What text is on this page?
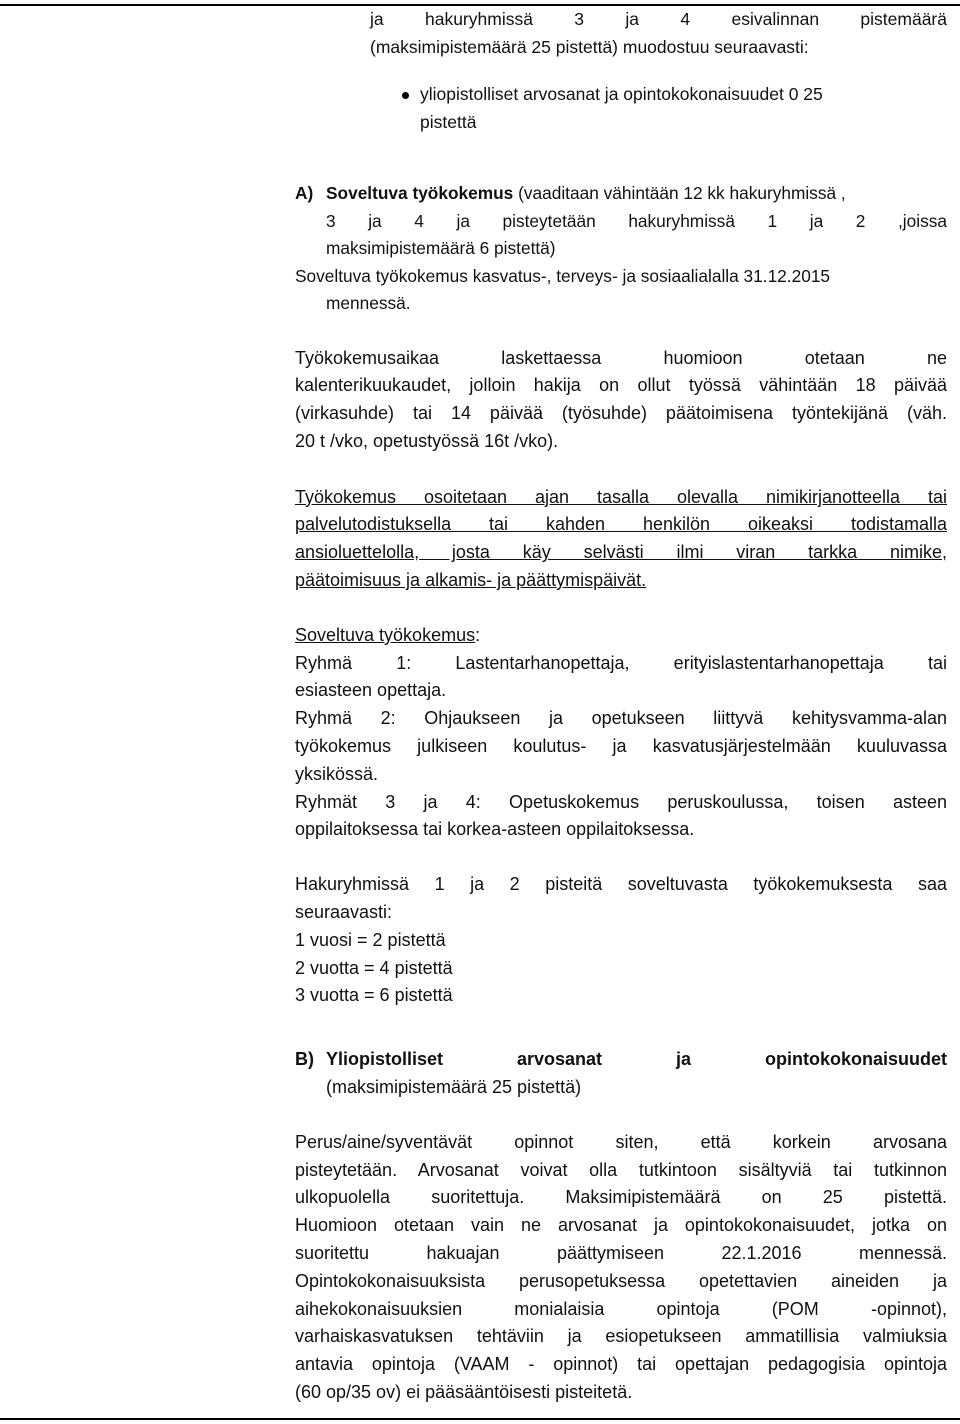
ja hakuryhmissä 3 ja 4 esivalinnan pistemäärä

(maksimipistemäärä 25 pistettä) muodostuu seuraavasti:

yliopistolliset arvosanat ja opintokokonaisuudet 0 25

pistettä

A) Soveltuva työkokemus (vaaditaan vähintään 12 kk hakuryhmissä ,

3 ja 4 ja pisteytetään hakuryhmissä 1 ja 2 ,joissa

maksimipistemäärä 6 pistettä)

Soveltuva työkokemus kasvatus-, terveys- ja sosiaalialalla 31.12.2015

mennessä.

Työkokemusaikaa laskettaessa huomioon otetaan ne

kalenterikuukaudet, jolloin hakija on ollut työssä vähintään 18 päivää

(virkasuhde) tai 14 päivää (työsuhde) päätoimisena työntekijänä (väh.

20 t /vko, opetustyössä 16t /vko).

Työkokemus osoitetaan ajan tasalla olevalla nimikirjanotteella tai

palvelutodistuksella tai kahden henkilön oikeaksi todistamalla

ansioluettelolla, josta käy selvästi ilmi viran tarkka nimike,

päätoimisuus ja alkamis- ja päättymispäivät.

Soveltuva työkokemus:

Ryhmä 1: Lastentarhanopettaja, erityislastentarhanopettaja tai

esiasteen opettaja.

Ryhmä 2: Ohjaukseen ja opetukseen liittyvä kehitysvamma-alan

työkokemus julkiseen koulutus- ja kasvatusjärjestelmään kuuluvassa

yksikössä.

Ryhmät 3 ja 4: Opetuskokemus peruskoulussa, toisen asteen

oppilaitoksessa tai korkea-asteen oppilaitoksessa.

Hakuryhmissä 1 ja 2 pisteitä soveltuvasta työkokemuksesta saa

seuraavasti:

1 vuosi = 2 pistettä

2 vuotta = 4 pistettä

3 vuotta = 6 pistettä

B) Yliopistolliset arvosanat ja opintokokonaisuudet

(maksimipistemäärä 25 pistettä)

Perus/aine/syventävät opinnot siten, että korkein arvosana

pisteytetään. Arvosanat voivat olla tutkintoon sisältyviä tai tutkinnon

ulkopuolella suoritettuja. Maksimipistemäärä on 25 pistettä.

Huomioon otetaan vain ne arvosanat ja opintokokonaisuudet, jotka on

suoritettu hakuajan päättymiseen 22.1.2016 mennessä.

Opintokokonaisuuksista perusopetuksessa opetettavien aineiden ja

aihekokonaisuuksien monialaisia opintoja (POM -opinnot),

varhaiskasvatuksen tehtäviin ja esiopetukseen ammatillisia valmiuksia

antavia opintoja (VAAM - opinnot) tai opettajan pedagogisia opintoja

(60 op/35 ov) ei pääsääntöisesti pisteitetä.
